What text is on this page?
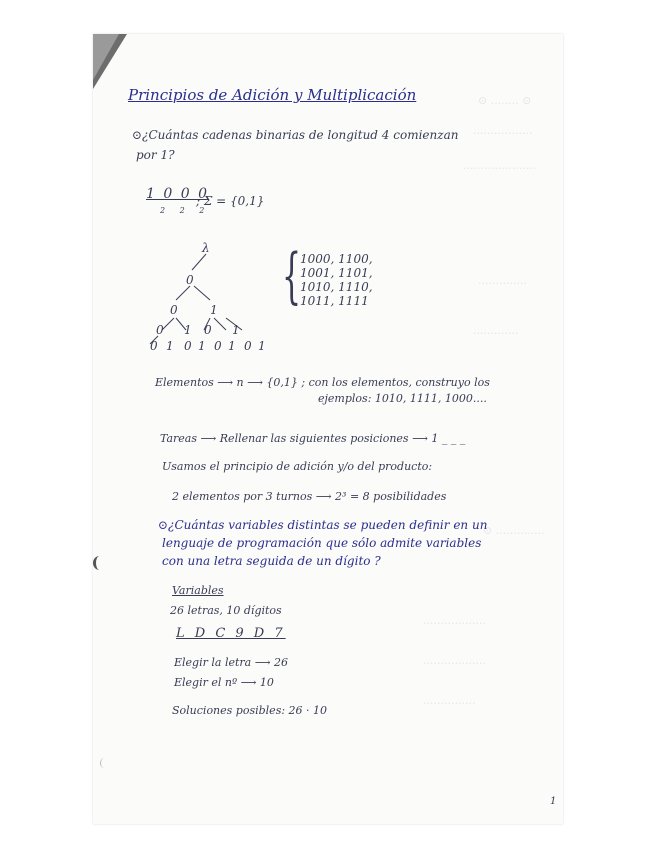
⊙ ........ ⊙
.................
.....................
..............
.............
⊙ ..............
..................
..................
...............
Principios de Adición y Multiplicación
⊙¿Cuántas cadenas binarias de longitud 4 comienzan
por 1?
1 0 0 0
2 2 2
; Σ = {0,1}
λ
0
0	1
0 1 0 1
0 1 0 1 0 1 0 1
{
1000, 1100,
1001, 1101,
1010, 1110,
1011, 1111
Elementos ⟶ n ⟶ {0,1} ; con los elementos, construyo los
ejemplos: 1010, 1111, 1000....
Tareas ⟶ Rellenar las siguientes posiciones ⟶ 1 _ _ _
Usamos el principio de adición y/o del producto:
2 elementos por 3 turnos ⟶ 2³ = 8 posibilidades
⊙¿Cuántas variables distintas se pueden definir en un
lenguaje de programación que sólo admite variables
con una letra seguida de un dígito ?
Variables
26 letras, 10 dígitos
L D C 9 D 7
Elegir la letra ⟶ 26
Elegir el nº ⟶ 10
Soluciones posibles: 26 · 10
1
